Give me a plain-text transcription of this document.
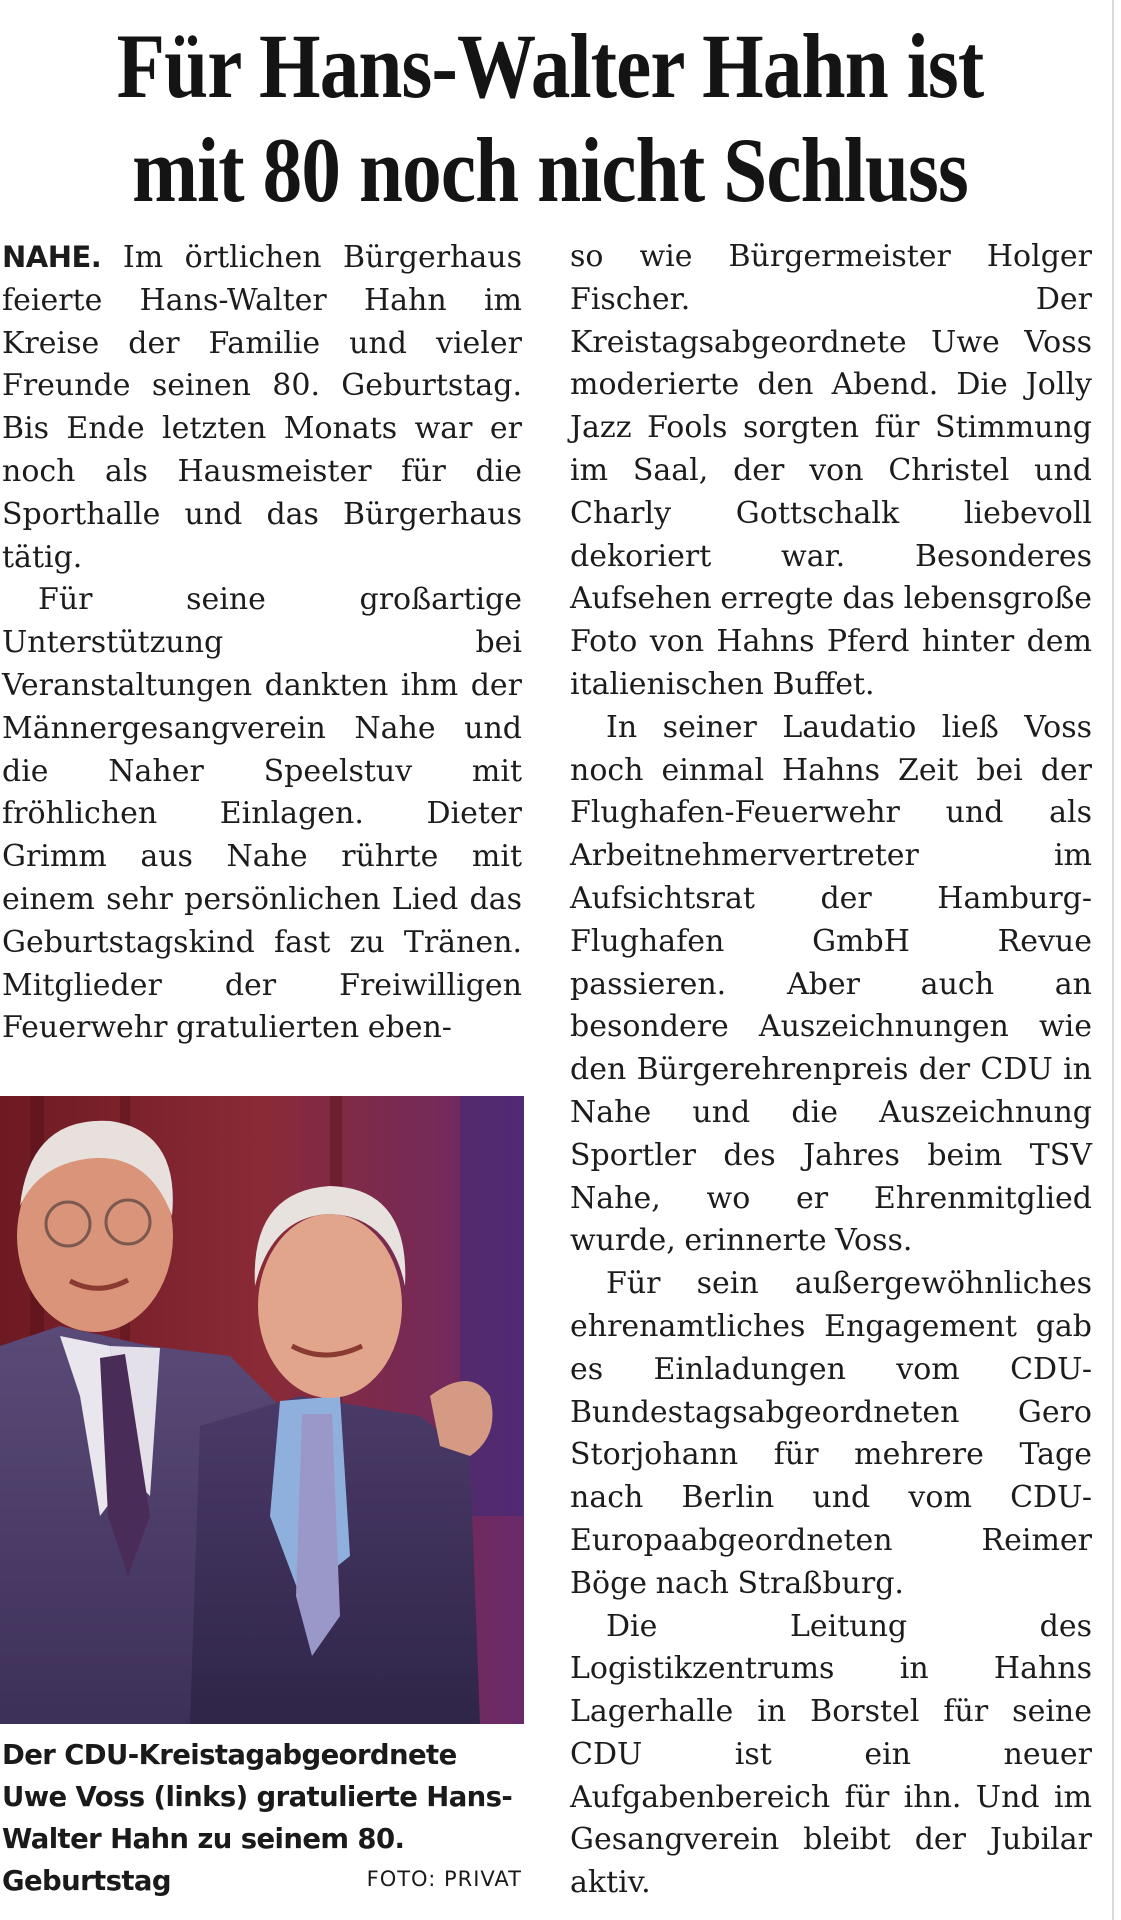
Für Hans-Walter Hahn ist
mit 80 noch nicht Schluss

NAHE. Im örtlichen Bürgerhaus feierte Hans-Walter Hahn im Kreise der Familie und vieler Freunde seinen 80. Geburtstag. Bis Ende letzten Monats war er noch als Hausmeister für die Sporthalle und das Bürgerhaus tätig.

Für seine großartige Unterstützung bei Veranstaltungen dankten ihm der Männergesangverein Nahe und die Naher Speelstuv mit fröhlichen Einlagen. Dieter Grimm aus Nahe rührte mit einem sehr persönlichen Lied das Geburtstagskind fast zu Tränen. Mitglieder der Freiwilligen Feuerwehr gratulierten eben-

Der CDU-Kreistagabgeordnete Uwe Voss (links) gratulierte Hans-Walter Hahn zu seinem 80. Geburtstag	FOTO: PRIVAT

so wie Bürgermeister Holger Fischer. Der Kreistagsabgeordnete Uwe Voss moderierte den Abend. Die Jolly Jazz Fools sorgten für Stimmung im Saal, der von Christel und Charly Gottschalk liebevoll dekoriert war. Besonderes Aufsehen erregte das lebensgroße Foto von Hahns Pferd hinter dem italienischen Buffet.

In seiner Laudatio ließ Voss noch einmal Hahns Zeit bei der Flughafen-Feuerwehr und als Arbeitnehmervertreter im Aufsichtsrat der Hamburg-Flughafen GmbH Revue passieren. Aber auch an besondere Auszeichnungen wie den Bürgerehrenpreis der CDU in Nahe und die Auszeichnung Sportler des Jahres beim TSV Nahe, wo er Ehrenmitglied wurde, erinnerte Voss.

Für sein außergewöhnliches ehrenamtliches Engagement gab es Einladungen vom CDU-Bundestagsabgeordneten Gero Storjohann für mehrere Tage nach Berlin und vom CDU-Europaabgeordneten Reimer Böge nach Straßburg.

Die Leitung des Logistikzentrums in Hahns Lagerhalle in Borstel für seine CDU ist ein neuer Aufgabenbereich für ihn. Und im Gesangverein bleibt der Jubilar aktiv.
